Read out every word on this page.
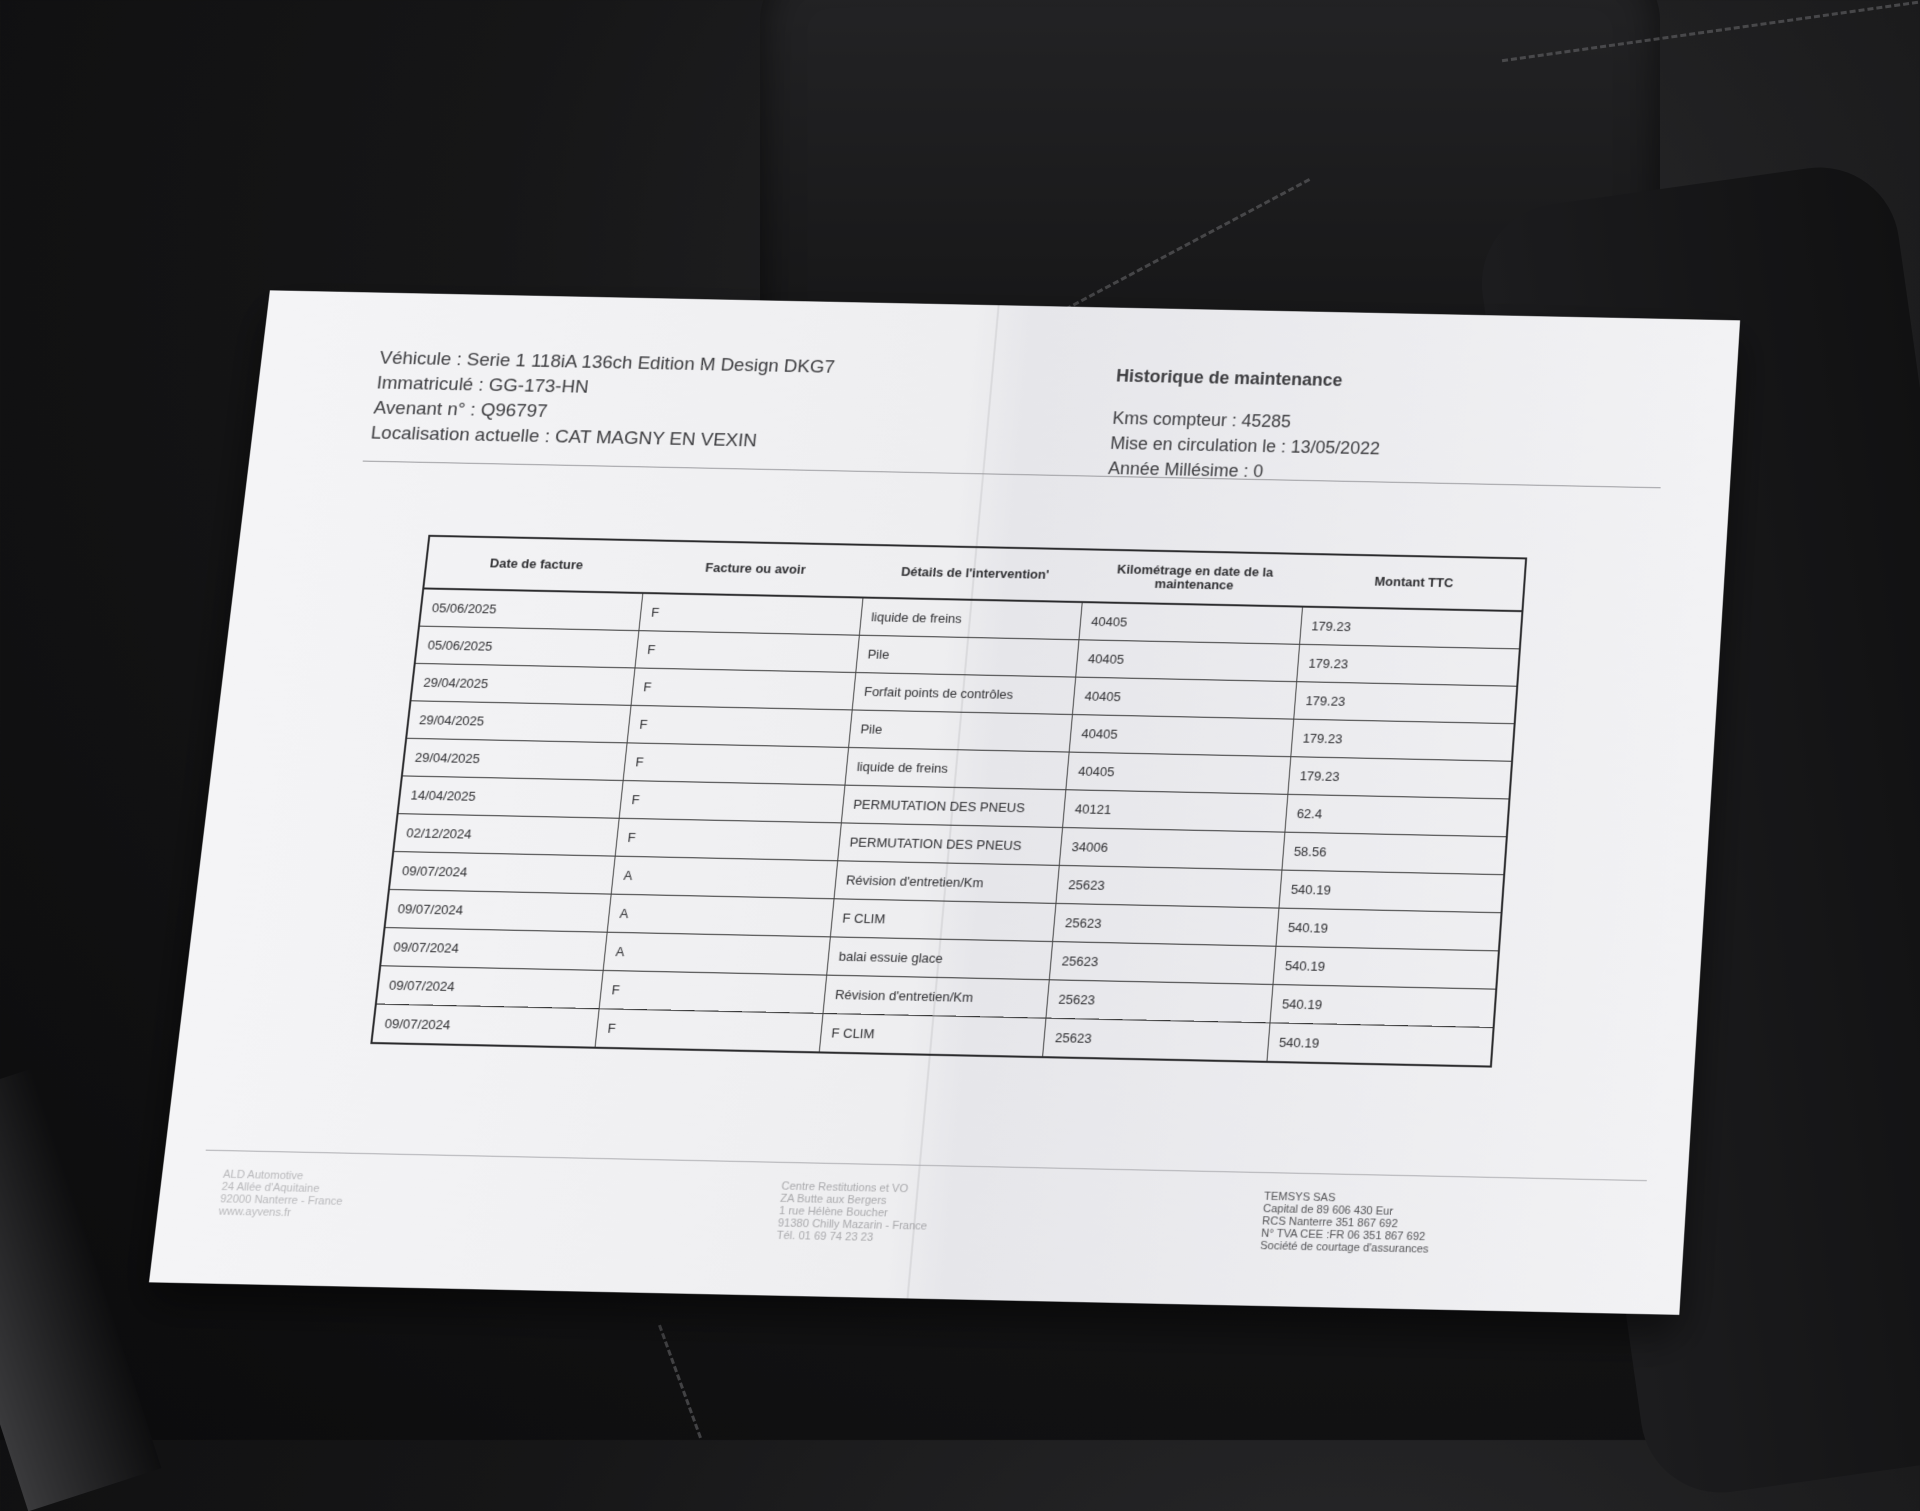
Véhicule : Serie 1 118iA 136ch Edition M Design DKG7
Immatriculé : GG-173-HN
Avenant n° : Q96797
Localisation actuelle : CAT MAGNY EN VEXIN
Historique de maintenance
Kms compteur : 45285
Mise en circulation le : 13/05/2022
Année Millésime : 0
Date de facture	Facture ou avoir	Détails de l'intervention'	Kilométrage en date de la maintenance	Montant TTC
05/06/2025	F	liquide de freins	40405	179.23
05/06/2025	F	Pile	40405	179.23
29/04/2025	F	Forfait points de contrôles	40405	179.23
29/04/2025	F	Pile	40405	179.23
29/04/2025	F	liquide de freins	40405	179.23
14/04/2025	F	PERMUTATION DES PNEUS	40121	62.4
02/12/2024	F	PERMUTATION DES PNEUS	34006	58.56
09/07/2024	A	Révision d'entretien/Km	25623	540.19
09/07/2024	A	F CLIM	25623	540.19
09/07/2024	A	balai essuie glace	25623	540.19
09/07/2024	F	Révision d'entretien/Km	25623	540.19
09/07/2024	F	F CLIM	25623	540.19
ALD Automotive
24 Allée d'Aquitaine
92000 Nanterre - France
www.ayvens.fr
Centre Restitutions et VO
ZA Butte aux Bergers
1 rue Hélène Boucher
91380 Chilly Mazarin - France
Tél. 01 69 74 23 23
TEMSYS SAS
Capital de 89 606 430 Eur
RCS Nanterre 351 867 692
N° TVA CEE :FR 06 351 867 692
Société de courtage d'assurances
